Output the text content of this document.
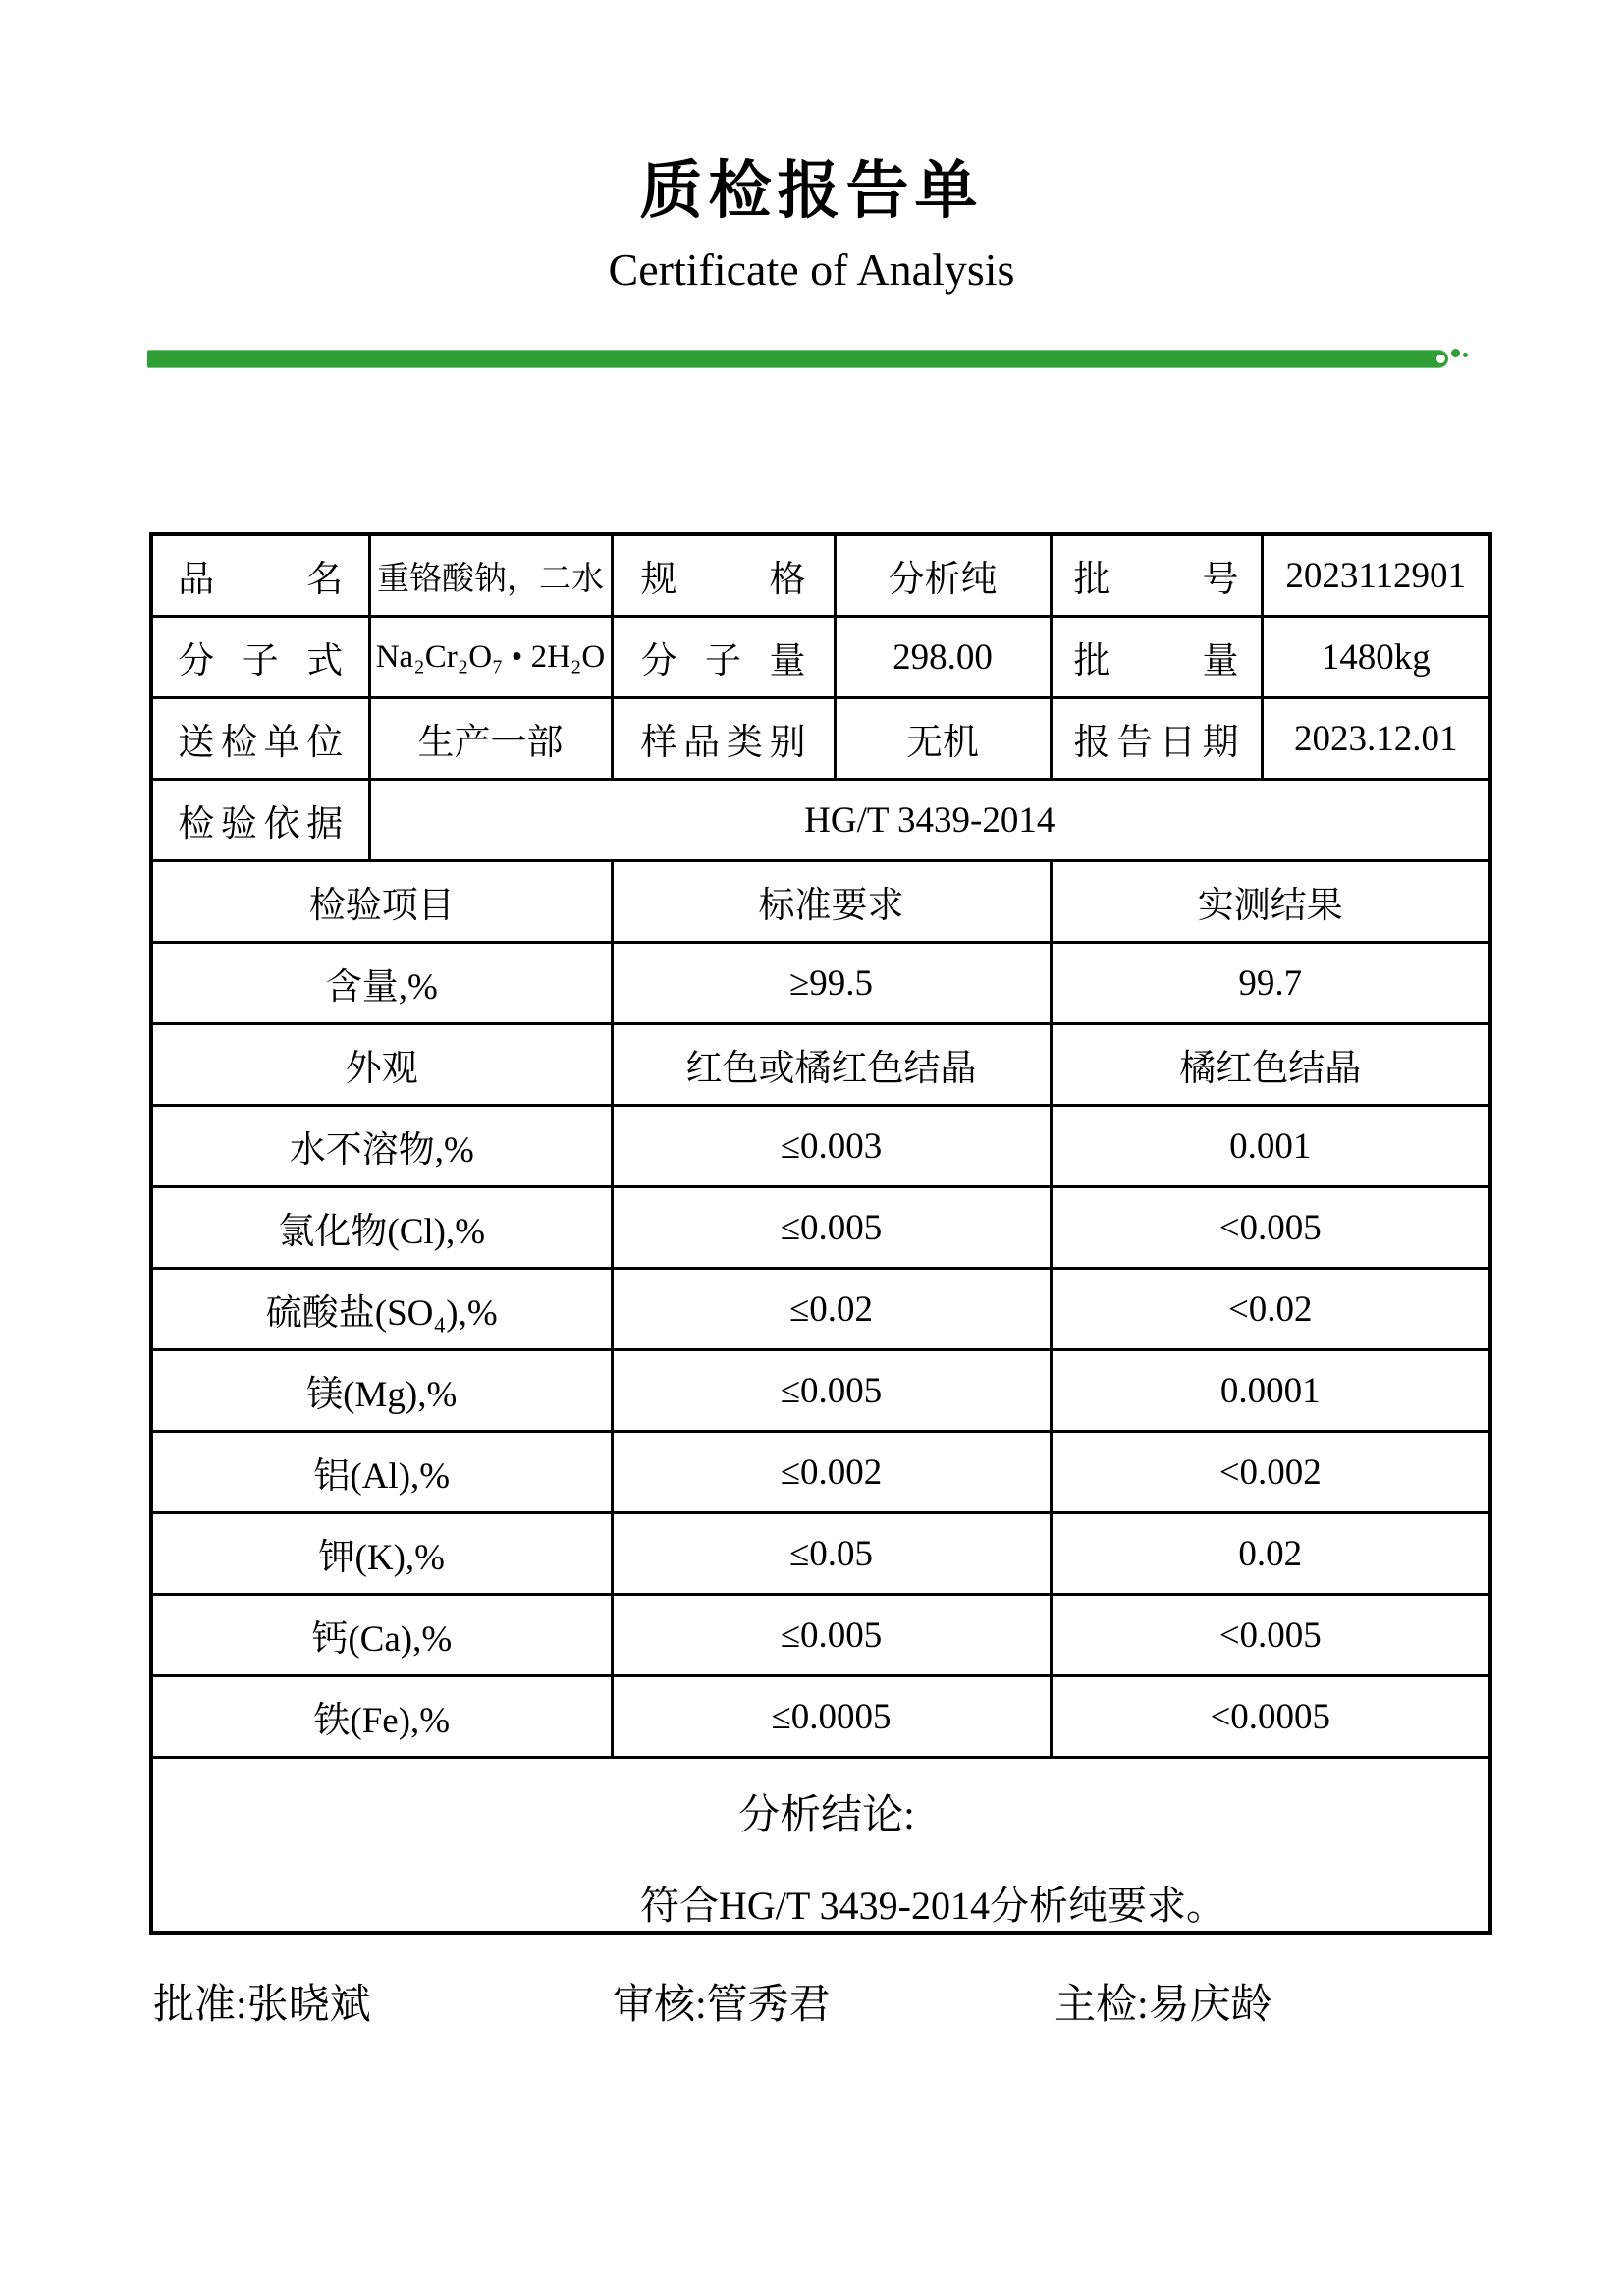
质检报告单
Certificate of Analysis
品名	重铬酸钠，二水	规格	分析纯	批号	2023112901

分子式	Na₂Cr₂O₇ • 2H₂O	分子量	298.00	批量	1480kg

送检单位	生产一部	样品类别	无机	报告日期	2023.12.01

检验依据	HG/T 3439-2014				
检验项目		标准要求		实测结果	
含量,%		≥99.5		99.7	
外观		红色或橘红色结晶		橘红色结晶	
水不溶物,%		≤0.003		0.001	
氯化物(Cl),%		≤0.005		<0.005	
硫酸盐(SO₄),%		≤0.02		<0.02	
镁(Mg),%		≤0.005		0.0001	
铝(Al),%		≤0.002		<0.002	
钾(K),%		≤0.05		0.02	
钙(Ca),%		≤0.005		<0.005	
铁(Fe),%		≤0.0005		<0.0005	

分析结论:
符合HG/T 3439-2014分析纯要求。					
批准:张晓斌	审核:管秀君	主检:易庆龄
